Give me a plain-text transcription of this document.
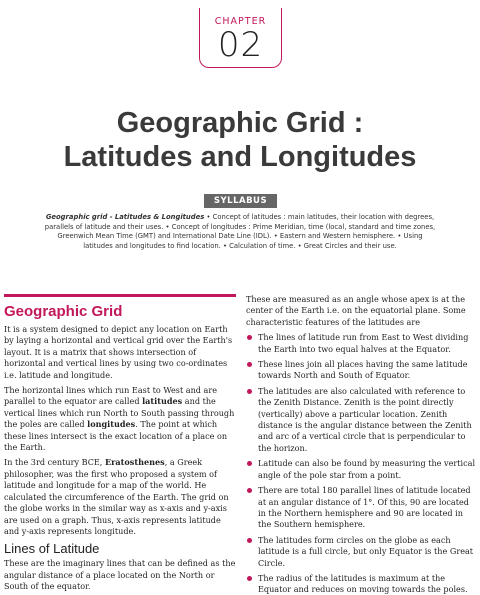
CHAPTER
02
Geographic Grid :
Latitudes and Longitudes
SYLLABUS
Geographic grid - Latitudes & Longitudes • Concept of latitudes : main latitudes, their location with degrees, parallels of latitude and their uses. • Concept of longitudes : Prime Meridian, time (local, standard and time zones, Greenwich Mean Time (GMT) and International Date Line (IDL). • Eastern and Western hemisphere. • Using latitudes and longitudes to find location. • Calculation of time. • Great Circles and their use.
Geographic Grid

It is a system designed to depict any location on Earth by laying a horizontal and vertical grid over the Earth's layout. It is a matrix that shows intersection of horizontal and vertical lines by using two co-ordinates i.e. latitude and longitude.

The horizontal lines which run East to West and are parallel to the equator are called latitudes and the vertical lines which run North to South passing through the poles are called longitudes. The point at which these lines intersect is the exact location of a place on the Earth.

In the 3rd century BCE, Eratosthenes, a Greek philosopher, was the first who proposed a system of latitude and longitude for a map of the world. He calculated the circumference of the Earth. The grid on the globe works in the similar way as x-axis and y-axis are used on a graph. Thus, x-axis represents latitude and y-axis represents longitude.

Lines of Latitude

These are the imaginary lines that can be defined as the angular distance of a place located on the North or South of the equator.

These are measured as an angle whose apex is at the center of the Earth i.e. on the equatorial plane. Some characteristic features of the latitudes are

The lines of latitude run from East to West dividing the Earth into two equal halves at the Equator.
These lines join all places having the same latitude towards North and South of Equator.
The latitudes are also calculated with reference to the Zenith Distance. Zenith is the point directly (vertically) above a particular location. Zenith distance is the angular distance between the Zenith and arc of a vertical circle that is perpendicular to the horizon.
Latitude can also be found by measuring the vertical angle of the pole star from a point.
There are total 180 parallel lines of latitude located at an angular distance of 1°. Of this, 90 are located in the Northern hemisphere and 90 are located in the Southern hemisphere.
The latitudes form circles on the globe as each latitude is a full circle, but only Equator is the Great Circle.
The radius of the latitudes is maximum at the Equator and reduces on moving towards the poles.
